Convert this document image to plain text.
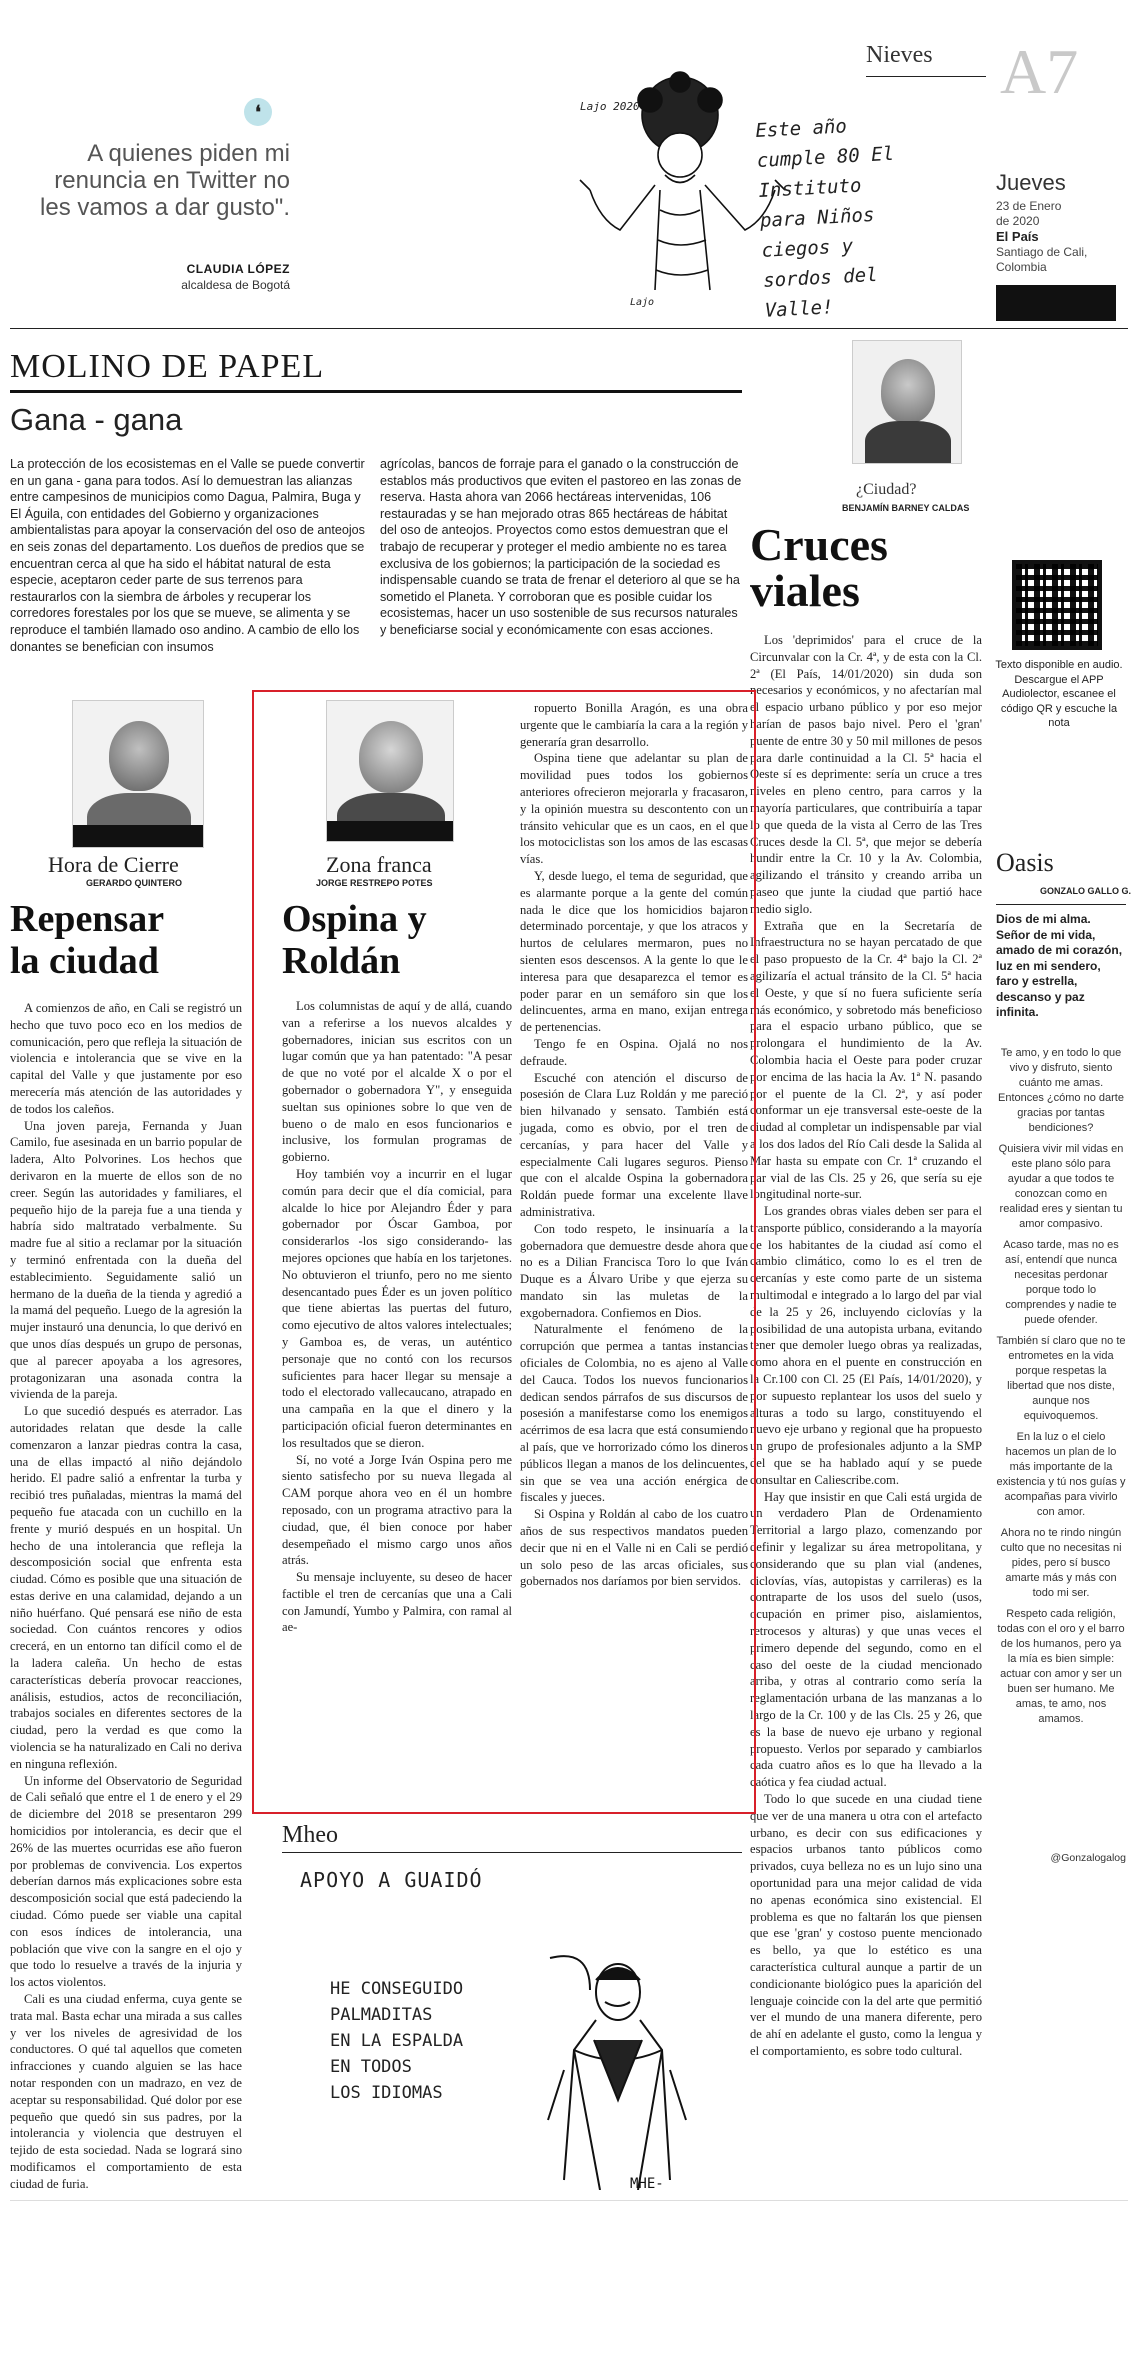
Nieves A7
❛
A quienes piden mi renuncia en Twitter no les vamos a dar gusto".
CLAUDIA LÓPEZ
alcaldesa de Bogotá
Lajo 2020
Lajo
Este año cumple 80 El Instituto para Niños ciegos y sordos del Valle!
Jueves
23 de Enero
de 2020
El País
Santiago de Cali,
Colombia
MOLINO DE PAPEL
Gana - gana
La protección de los ecosistemas en el Valle se puede convertir en un gana - gana para todos. Así lo demuestran las alianzas entre campesinos de municipios como Dagua, Palmira, Buga y El Águila, con entidades del Gobierno y organizaciones ambientalistas para apoyar la conservación del oso de anteojos en seis zonas del departamento. Los dueños de predios que se encuentran cerca al que ha sido el hábitat natural de esta especie, aceptaron ceder parte de sus terrenos para restaurarlos con la siembra de árboles y recuperar los corredores forestales por los que se mueve, se alimenta y se reproduce el también llamado oso andino. A cambio de ello los donantes se benefician con insumos
agrícolas, bancos de forraje para el ganado o la construcción de establos más productivos que eviten el pastoreo en las zonas de reserva. Hasta ahora van 2066 hectáreas intervenidas, 106 restauradas y se han mejorado otras 865 hectáreas de hábitat del oso de anteojos. Proyectos como estos demuestran que el trabajo de recuperar y proteger el medio ambiente no es tarea exclusiva de los gobiernos; la participación de la sociedad es indispensable cuando se trata de frenar el deterioro al que se ha sometido el Planeta. Y corroboran que es posible cuidar los ecosistemas, hacer un uso sostenible de sus recursos naturales y beneficiarse social y económicamente con esas acciones.
¿Ciudad?
BENJAMÍN BARNEY CALDAS
Cruces viales

Los 'deprimidos' para el cruce de la Circunvalar con la Cr. 4ª, y de esta con la Cl. 2ª (El País, 14/01/2020) sin duda son necesarios y económicos, y no afectarían mal el espacio urbano público y por eso mejor harían de pasos bajo nivel. Pero el 'gran' puente de entre 30 y 50 mil millones de pesos para darle continuidad a la Cl. 5ª hacia el Oeste sí es deprimente: sería un cruce a tres niveles en pleno centro, para carros y la mayoría particulares, que contribuiría a tapar lo que queda de la vista al Cerro de las Tres Cruces desde la Cl. 5ª, que mejor se debería hundir entre la Cr. 10 y la Av. Colombia, agilizando el tránsito y creando arriba un paseo que junte la ciudad que partió hace medio siglo.

Extraña que en la Secretaría de Infraestructura no se hayan percatado de que el paso propuesto de la Cr. 4ª bajo la Cl. 2ª agilizaría el actual tránsito de la Cl. 5ª hacia el Oeste, y que sí no fuera suficiente sería más económico, y sobretodo más beneficioso para el espacio urbano público, que se prolongara el hundimiento de la Av. Colombia hacia el Oeste para poder cruzar por encima de las hacia la Av. 1ª N. pasando por el puente de la Cl. 2ª, y así poder conformar un eje transversal este-oeste de la ciudad al completar un indispensable par vial a los dos lados del Río Cali desde la Salida al Mar hasta su empate con Cr. 1ª cruzando el par vial de las Cls. 25 y 26, que sería su eje longitudinal norte-sur.

Los grandes obras viales deben ser para el transporte público, considerando a la mayoría de los habitantes de la ciudad así como el cambio climático, como lo es el tren de cercanías y este como parte de un sistema multimodal e integrado a lo largo del par vial de la 25 y 26, incluyendo ciclovías y la posibilidad de una autopista urbana, evitando tener que demoler luego obras ya realizadas, como ahora en el puente en construcción en la Cr.100 con Cl. 25 (El País, 14/01/2020), y por supuesto replantear los usos del suelo y alturas a todo su largo, constituyendo el nuevo eje urbano y regional que ha propuesto un grupo de profesionales adjunto a la SMP del que se ha hablado aquí y se puede consultar en Caliescribe.com.

Hay que insistir en que Cali está urgida de un verdadero Plan de Ordenamiento Territorial a largo plazo, comenzando por definir y legalizar su área metropolitana, y considerando que su plan vial (andenes, ciclovías, vías, autopistas y carrileras) es la contraparte de los usos del suelo (usos, ocupación en primer piso, aislamientos, retrocesos y alturas) y que unas veces el primero depende del segundo, como en el caso del oeste de la ciudad mencionado arriba, y otras al contrario como sería la reglamentación urbana de las manzanas a lo largo de la Cr. 100 y de las Cls. 25 y 26, que es la base de nuevo eje urbano y regional propuesto. Verlos por separado y cambiarlos cada cuatro años es lo que ha llevado a la caótica y fea ciudad actual.

Todo lo que sucede en una ciudad tiene que ver de una manera u otra con el artefacto urbano, es decir con sus edificaciones y espacios urbanos tanto públicos como privados, cuya belleza no es un lujo sino una oportunidad para una mejor calidad de vida no apenas económica sino existencial. El problema es que no faltarán los que piensen que ese 'gran' y costoso puente mencionado es bello, ya que lo estético es una característica cultural aunque a partir de un condicionante biológico pues la aparición del lenguaje coincide con la del arte que permitió ver el mundo de una manera diferente, pero de ahí en adelante el gusto, como la lengua y el comportamiento, es sobre todo cultural.

Texto disponible en audio. Descargue el APP Audiolector, escanee el código QR y escuche la nota
Oasis
GONZALO GALLO G.
Dios de mi alma. Señor de mi vida, amado de mi corazón, luz en mi sendero, faro y estrella, descanso y paz infinita.

Te amo, y en todo lo que vivo y disfruto, siento cuánto me amas. Entonces ¿cómo no darte gracias por tantas bendiciones?

Quisiera vivir mil vidas en este plano sólo para ayudar a que todos te conozcan como en realidad eres y sientan tu amor compasivo.

Acaso tarde, mas no es así, entendí que nunca necesitas perdonar porque todo lo comprendes y nadie te puede ofender.

También sí claro que no te entrometes en la vida porque respetas la libertad que nos diste, aunque nos equivoquemos.

En la luz o el cielo hacemos un plan de lo más importante de la existencia y tú nos guías y acompañas para vivirlo con amor.

Ahora no te rindo ningún culto que no necesitas ni pides, pero sí busco amarte más y más con todo mi ser.

Respeto cada religión, todas con el oro y el barro de los humanos, pero ya la mía es bien simple: actuar con amor y ser un buen ser humano. Me amas, te amo, nos amamos.

@Gonzalogalog
Hora de Cierre
GERARDO QUINTERO
Repensar
la ciudad

A comienzos de año, en Cali se registró un hecho que tuvo poco eco en los medios de comunicación, pero que refleja la situación de violencia e intolerancia que se vive en la capital del Valle y que justamente por eso merecería más atención de las autoridades y de todos los caleños.

Una joven pareja, Fernanda y Juan Camilo, fue asesinada en un barrio popular de ladera, Alto Polvorines. Los hechos que derivaron en la muerte de ellos son de no creer. Según las autoridades y familiares, el pequeño hijo de la pareja fue a una tienda y habría sido maltratado verbalmente. Su madre fue al sitio a reclamar por la situación y terminó enfrentada con la dueña del establecimiento. Seguidamente salió un hermano de la dueña de la tienda y agredió a la mamá del pequeño. Luego de la agresión la mujer instauró una denuncia, lo que derivó en que unos días después un grupo de personas, que al parecer apoyaba a los agresores, protagonizaran una asonada contra la vivienda de la pareja.

Lo que sucedió después es aterrador. Las autoridades relatan que desde la calle comenzaron a lanzar piedras contra la casa, una de ellas impactó al niño dejándolo herido. El padre salió a enfrentar la turba y recibió tres puñaladas, mientras la mamá del pequeño fue atacada con un cuchillo en la frente y murió después en un hospital. Un hecho de una intolerancia que refleja la descomposición social que enfrenta esta ciudad. Cómo es posible que una situación de estas derive en una calamidad, dejando a un niño huérfano. Qué pensará ese niño de esta sociedad. Con cuántos rencores y odios crecerá, en un entorno tan difícil como el de la ladera caleña. Un hecho de estas características debería provocar reacciones, análisis, estudios, actos de reconciliación, trabajos sociales en diferentes sectores de la ciudad, pero la verdad es que como la violencia se ha naturalizado en Cali no deriva en ninguna reflexión.

Un informe del Observatorio de Seguridad de Cali señaló que entre el 1 de enero y el 29 de diciembre del 2018 se presentaron 299 homicidios por intolerancia, es decir que el 26% de las muertes ocurridas ese año fueron por problemas de convivencia. Los expertos deberían darnos más explicaciones sobre esta descomposición social que está padeciendo la ciudad. Cómo puede ser viable una capital con esos índices de intolerancia, una población que vive con la sangre en el ojo y que todo lo resuelve a través de la injuria y los actos violentos.

Cali es una ciudad enferma, cuya gente se trata mal. Basta echar una mirada a sus calles y ver los niveles de agresividad de los conductores. O qué tal aquellos que cometen infracciones y cuando alguien se las hace notar responden con un madrazo, en vez de aceptar su responsabilidad. Qué dolor por ese pequeño que quedó sin sus padres, por la intolerancia y violencia que destruyen el tejido de esta sociedad. Nada se logrará sino modificamos el comportamiento de esta ciudad de furia.

Zona franca
JORGE RESTREPO POTES
Ospina y
Roldán

Los columnistas de aquí y de allá, cuando van a referirse a los nuevos alcaldes y gobernadores, inician sus escritos con un lugar común que ya han patentado: "A pesar de que no voté por el alcalde X o por el gobernador o gobernadora Y", y enseguida sueltan sus opiniones sobre lo que ven de bueno o de malo en esos funcionarios e inclusive, los formulan programas de gobierno.

Hoy también voy a incurrir en el lugar común para decir que el día comicial, para alcalde lo hice por Alejandro Éder y para gobernador por Óscar Gamboa, por considerarlos -los sigo considerando- las mejores opciones que había en los tarjetones. No obtuvieron el triunfo, pero no me siento desencantado pues Éder es un joven político que tiene abiertas las puertas del futuro, como ejecutivo de altos valores intelectuales; y Gamboa es, de veras, un auténtico personaje que no contó con los recursos suficientes para hacer llegar su mensaje a todo el electorado vallecaucano, atrapado en una campaña en la que el dinero y la participación oficial fueron determinantes en los resultados que se dieron.

Sí, no voté a Jorge Iván Ospina pero me siento satisfecho por su nueva llegada al CAM porque ahora veo en él un hombre reposado, con un programa atractivo para la ciudad, que, él bien conoce por haber desempeñado el mismo cargo unos años atrás.

Su mensaje incluyente, su deseo de hacer factible el tren de cercanías que una a Cali con Jamundí, Yumbo y Palmira, con ramal al ae-

ropuerto Bonilla Aragón, es una obra urgente que le cambiaría la cara a la región y generaría gran desarrollo.

Ospina tiene que adelantar su plan de movilidad pues todos los gobiernos anteriores ofrecieron mejorarla y fracasaron, y la opinión muestra su descontento con un tránsito vehicular que es un caos, en el que los motociclistas son los amos de las escasas vías.

Y, desde luego, el tema de seguridad, que es alarmante porque a la gente del común nada le dice que los homicidios bajaron determinado porcentaje, y que los atracos y hurtos de celulares mermaron, pues no sienten esos descensos. A la gente lo que le interesa para que desaparezca el temor es poder parar en un semáforo sin que los delincuentes, arma en mano, exijan entrega de pertenencias.

Tengo fe en Ospina. Ojalá no nos defraude.

Escuché con atención el discurso de posesión de Clara Luz Roldán y me pareció bien hilvanado y sensato. También está jugada, como es obvio, por el tren de cercanías, y para hacer del Valle y especialmente Cali lugares seguros. Pienso que con el alcalde Ospina la gobernadora Roldán puede formar una excelente llave administrativa.

Con todo respeto, le insinuaría a la gobernadora que demuestre desde ahora que no es a Dilian Francisca Toro lo que Iván Duque es a Álvaro Uribe y que ejerza su mandato sin las muletas de la exgobernadora. Confiemos en Dios.

Naturalmente el fenómeno de la corrupción que permea a tantas instancias oficiales de Colombia, no es ajeno al Valle del Cauca. Todos los nuevos funcionarios dedican sendos párrafos de sus discursos de posesión a manifestarse como los enemigos acérrimos de esa lacra que está consumiendo al país, que ve horrorizado cómo los dineros públicos llegan a manos de los delincuentes, sin que se vea una acción enérgica de fiscales y jueces.

Si Ospina y Roldán al cabo de los cuatro años de sus respectivos mandatos pueden decir que ni en el Valle ni en Cali se perdió un solo peso de las arcas oficiales, sus gobernados nos daríamos por bien servidos.

Mheo
APOYO A GUAIDÓ
HE CONSEGUIDO
PALMADITAS
EN LA ESPALDA
EN TODOS
LOS IDIOMAS
MHE-
